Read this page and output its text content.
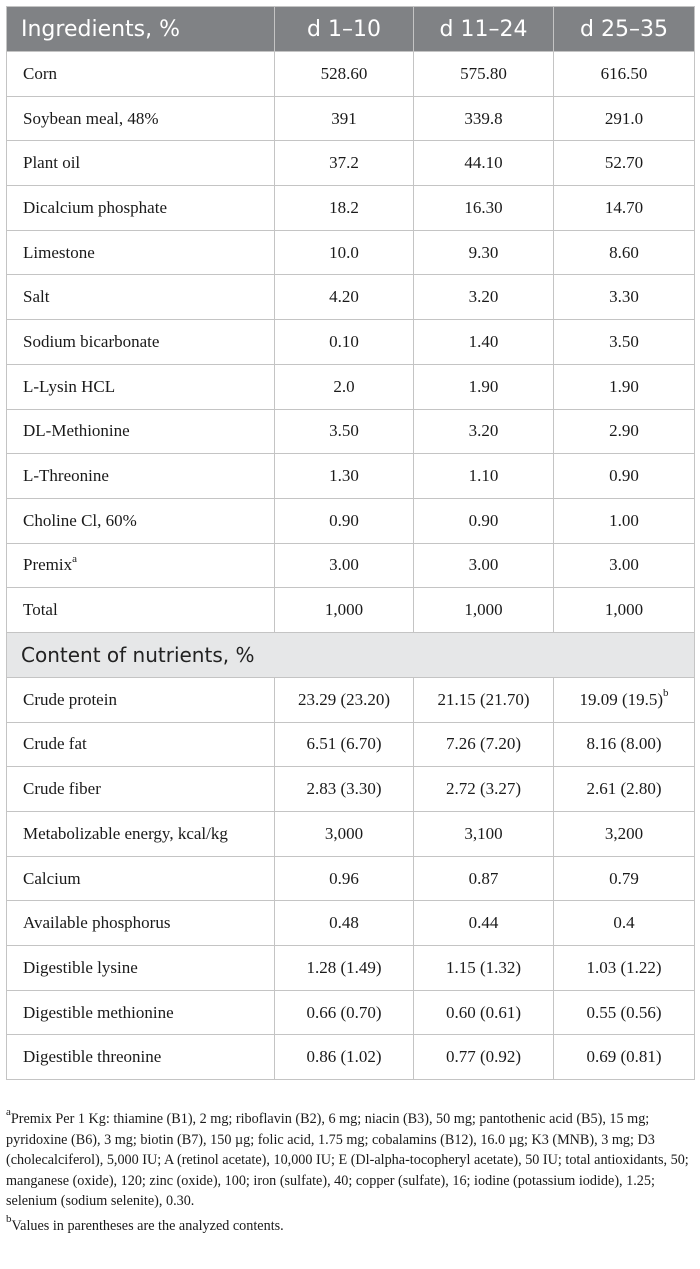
Ingredients, %	d 1–10	d 11–24	d 25–35
Corn	528.60	575.80	616.50
Soybean meal, 48%	391	339.8	291.0
Plant oil	37.2	44.10	52.70
Dicalcium phosphate	18.2	16.30	14.70
Limestone	10.0	9.30	8.60
Salt	4.20	3.20	3.30
Sodium bicarbonate	0.10	1.40	3.50
L-Lysin HCL	2.0	1.90	1.90
DL-Methionine	3.50	3.20	2.90
L-Threonine	1.30	1.10	0.90
Choline Cl, 60%	0.90	0.90	1.00
Premix$^a$	3.00	3.00	3.00
Total	1,000	1,000	1,000
Content of nutrients, %			
Crude protein	23.29 (23.20)	21.15 (21.70)	19.09 $(19.5)^b$
Crude fat	6.51 (6.70)	7.26 (7.20)	8.16 (8.00)
Crude fiber	2.83 (3.30)	2.72 (3.27)	2.61 (2.80)
Metabolizable energy, kcal/kg	3,000	3,100	3,200
Calcium	0.96	0.87	0.79
Available phosphorus	0.48	0.44	0.4
Digestible lysine	1.28 (1.49)	1.15 (1.32)	1.03 (1.22)
Digestible methionine	0.66 (0.70)	0.60 (0.61)	0.55 (0.56)
Digestible threonine	0.86 (1.02)	0.77 (0.92)	0.69 (0.81)

$^a$Premix Per 1 Kg: thiamine (B1), 2 mg; riboflavin (B2), 6 mg; niacin (B3), 50 mg; pantothenic acid (B5), 15 mg; pyridoxine (B6), 3 mg; biotin (B7), 150 µg; folic acid, 1.75 mg; cobalamins (B12), 16.0 µg; K3 (MNB), 3 mg; D3 (cholecalciferol), 5,000 IU; A (retinol acetate), 10,000 IU; E (Dl-alpha-tocopheryl acetate), 50 IU; total antioxidants, 50; manganese (oxide), 120; zinc (oxide), 100; iron (sulfate), 40; copper (sulfate), 16; iodine (potassium iodide), 1.25; selenium (sodium selenite), 0.30.

$^b$Values in parentheses are the analyzed contents.
